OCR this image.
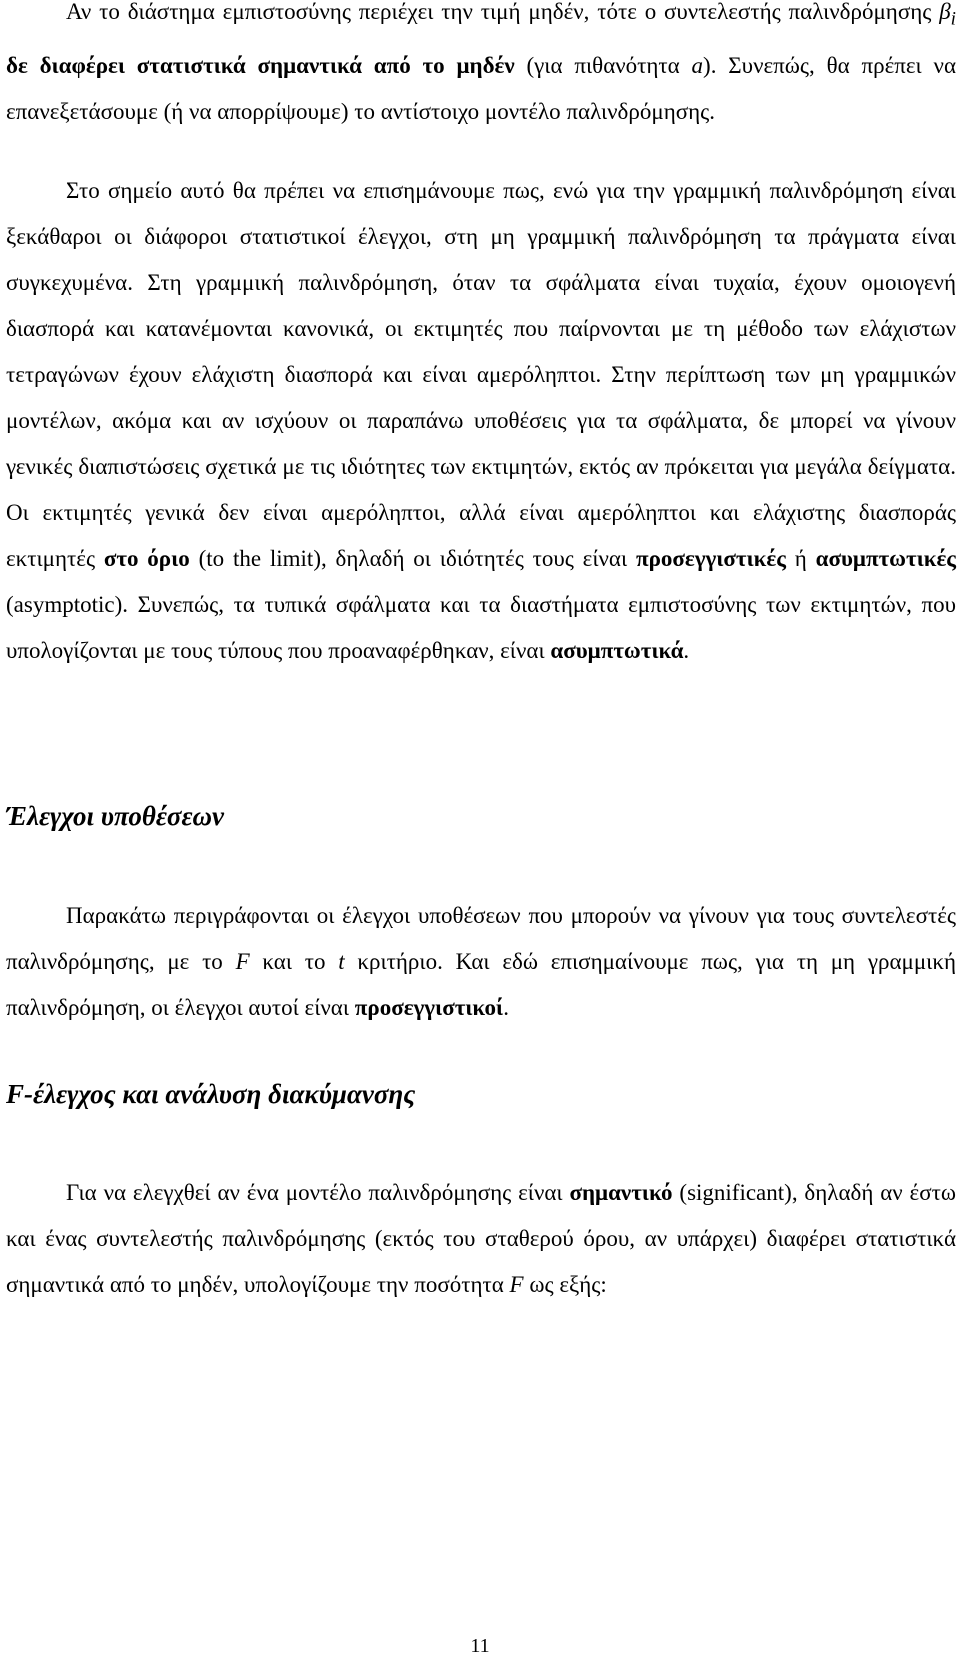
Αν το διάστημα εμπιστοσύνης περιέχει την τιμή μηδέν, τότε ο συντελεστής παλινδρόμησης $\beta_i$ δε διαφέρει στατιστικά σημαντικά από το μηδέν (για πιθανότητα a). Συνεπώς, θα πρέπει να επανεξετάσουμε (ή να απορρίψουμε) το αντίστοιχο μοντέλο παλινδρόμησης.

Στο σημείο αυτό θα πρέπει να επισημάνουμε πως, ενώ για την γραμμική παλινδρόμηση είναι ξεκάθαροι οι διάφοροι στατιστικοί έλεγχοι, στη μη γραμμική παλινδρόμηση τα πράγματα είναι συγκεχυμένα. Στη γραμμική παλινδρόμηση, όταν τα σφάλματα είναι τυχαία, έχουν ομοιογενή διασπορά και κατανέμονται κανονικά, οι εκτιμητές που παίρνονται με τη μέθοδο των ελάχιστων τετραγώνων έχουν ελάχιστη διασπορά και είναι αμερόληπτοι. Στην περίπτωση των μη γραμμικών μοντέλων, ακόμα και αν ισχύουν οι παραπάνω υποθέσεις για τα σφάλματα, δε μπορεί να γίνουν γενικές διαπιστώσεις σχετικά με τις ιδιότητες των εκτιμητών, εκτός αν πρόκειται για μεγάλα δείγματα. Οι εκτιμητές γενικά δεν είναι αμερόληπτοι, αλλά είναι αμερόληπτοι και ελάχιστης διασποράς εκτιμητές στο όριο (to the limit), δηλαδή οι ιδιότητές τους είναι προσεγγιστικές ή ασυμπτωτικές (asymptotic). Συνεπώς, τα τυπικά σφάλματα και τα διαστήματα εμπιστοσύνης των εκτιμητών, που υπολογίζονται με τους τύπους που προαναφέρθηκαν, είναι ασυμπτωτικά.

Έλεγχοι υποθέσεων

Παρακάτω περιγράφονται οι έλεγχοι υποθέσεων που μπορούν να γίνουν για τους συντελεστές παλινδρόμησης, με το F και το t κριτήριο. Και εδώ επισημαίνουμε πως, για τη μη γραμμική παλινδρόμηση, οι έλεγχοι αυτοί είναι προσεγγιστικοί.

F-έλεγχος και ανάλυση διακύμανσης

Για να ελεγχθεί αν ένα μοντέλο παλινδρόμησης είναι σημαντικό (significant), δηλαδή αν έστω και ένας συντελεστής παλινδρόμησης (εκτός του σταθερού όρου, αν υπάρχει) διαφέρει στατιστικά σημαντικά από το μηδέν, υπολογίζουμε την ποσότητα F ως εξής:

11
